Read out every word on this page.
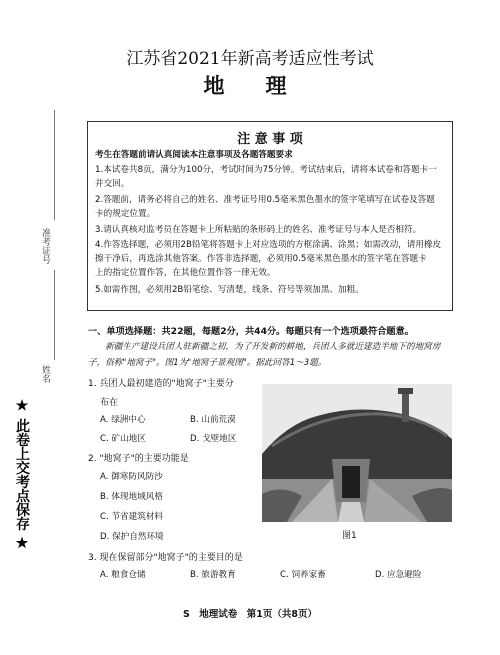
准考证号
姓名
★ 此卷上交考点保存 ★
江苏省2021年新高考适应性考试
地　理
注 意 事 项
考生在答题前请认真阅读本注意事项及各题答题要求
1.本试卷共8页，满分为100分，考试时间为75分钟。考试结束后，请将本试卷和答题卡一
并交回。
2.答题前，请务必将自己的姓名、准考证号用0.5毫米黑色墨水的签字笔填写在试卷及答题
卡的规定位置。
3.请认真核对监考员在答题卡上所粘贴的条形码上的姓名、准考证号与本人是否相符。
4.作答选择题，必须用2B铅笔将答题卡上对应选项的方框涂满、涂黑；如需改动，请用橡皮
擦干净后，再选涂其他答案。作答非选择题，必须用0.5毫米黑色墨水的签字笔在答题卡
上的指定位置作答，在其他位置作答一律无效。
5.如需作图，必须用2B铅笔绘、写清楚，线条、符号等须加黑、加粗。
一、单项选择题：共22题，每题2分，共44分。每题只有一个选项最符合题意。
　　新疆生产建设兵团人驻新疆之初，为了开发新的耕地，兵团人多就近建造半地下的地窝房
子，俗称"地窝子"。图1为"地窝子景观图"。据此回答1～3题。
1. 兵团人最初建造的"地窝子"主要分
布在
A. 绿洲中心	B. 山前荒漠
C. 矿山地区	D. 戈壁地区
2. "地窝子"的主要功能是
A. 御寒防风防沙
B. 体现地域风格
C. 节省建筑材料
D. 保护自然环境
3. 现在保留部分"地窝子"的主要目的是
A. 粮食仓储	B. 旅游教育	C. 饲养家畜	D. 应急避险
图1
S　地理试卷　第1页（共8页）
